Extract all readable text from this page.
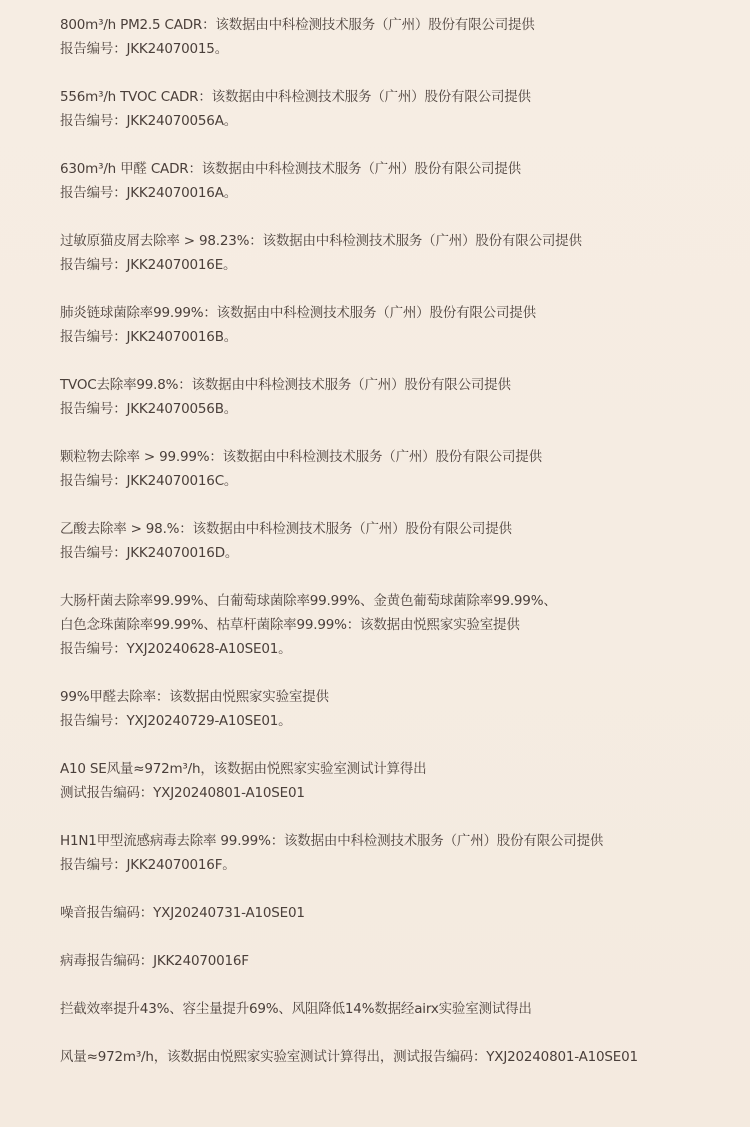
800m³/h PM2.5 CADR：该数据由中科检测技术服务（广州）股份有限公司提供
报告编号：JKK24070015。
556m³/h TVOC CADR：该数据由中科检测技术服务（广州）股份有限公司提供
报告编号：JKK24070056A。
630m³/h 甲醛 CADR：该数据由中科检测技术服务（广州）股份有限公司提供
报告编号：JKK24070016A。
过敏原猫皮屑去除率 > 98.23%：该数据由中科检测技术服务（广州）股份有限公司提供
报告编号：JKK24070016E。
肺炎链球菌除率99.99%：该数据由中科检测技术服务（广州）股份有限公司提供
报告编号：JKK24070016B。
TVOC去除率99.8%：该数据由中科检测技术服务（广州）股份有限公司提供
报告编号：JKK24070056B。
颗粒物去除率 > 99.99%：该数据由中科检测技术服务（广州）股份有限公司提供
报告编号：JKK24070016C。
乙酸去除率 > 98.%：该数据由中科检测技术服务（广州）股份有限公司提供
报告编号：JKK24070016D。
大肠杆菌去除率99.99%、白葡萄球菌除率99.99%、金黄色葡萄球菌除率99.99%、
白色念珠菌除率99.99%、枯草杆菌除率99.99%：该数据由悦熙家实验室提供
报告编号：YXJ20240628-A10SE01。
99%甲醛去除率：该数据由悦熙家实验室提供
报告编号：YXJ20240729-A10SE01。
A10 SE风量≈972m³/h，该数据由悦熙家实验室测试计算得出
测试报告编码：YXJ20240801-A10SE01
H1N1甲型流感病毒去除率 99.99%：该数据由中科检测技术服务（广州）股份有限公司提供
报告编号：JKK24070016F。
噪音报告编码：YXJ20240731-A10SE01
病毒报告编码：JKK24070016F
拦截效率提升43%、容尘量提升69%、风阻降低14%数据经airx实验室测试得出
风量≈972m³/h，该数据由悦熙家实验室测试计算得出，测试报告编码：YXJ20240801-A10SE01
